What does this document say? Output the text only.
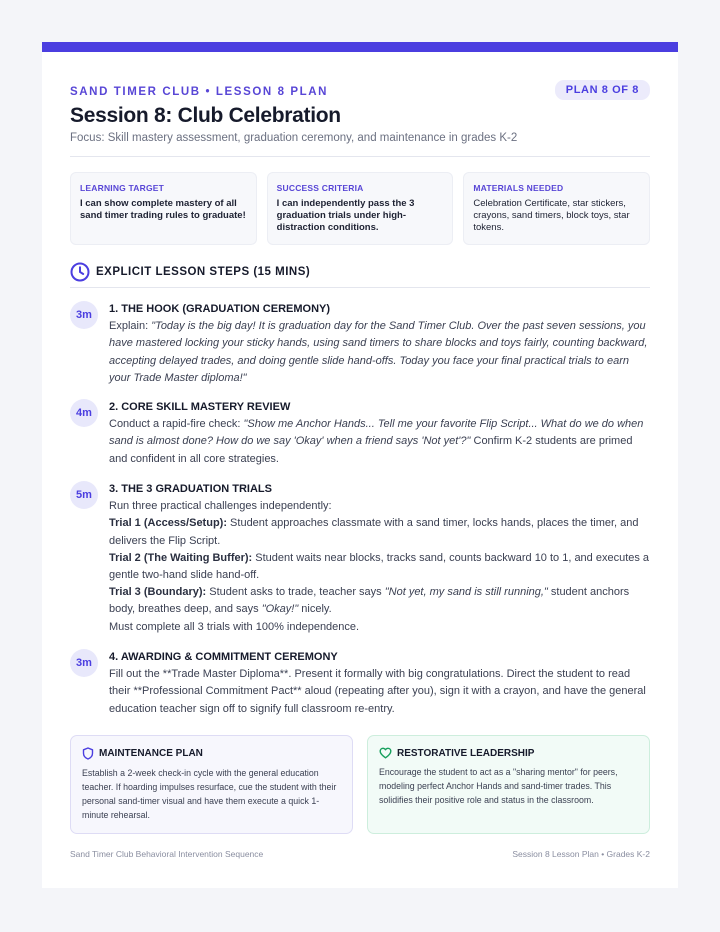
SAND TIMER CLUB • LESSON 8 PLAN	PLAN 8 OF 8
Session 8: Club Celebration
Focus: Skill mastery assessment, graduation ceremony, and maintenance in grades K-2
LEARNING TARGET
I can show complete mastery of all sand timer trading rules to graduate!
SUCCESS CRITERIA
I can independently pass the 3 graduation trials under high-distraction conditions.
MATERIALS NEEDED
Celebration Certificate, star stickers, crayons, sand timers, block toys, star tokens.
EXPLICIT LESSON STEPS (15 MINS)
3m	1. THE HOOK (GRADUATION CEREMONY)
Explain: "Today is the big day! It is graduation day for the Sand Timer Club. Over the past seven sessions, you have mastered locking your sticky hands, using sand timers to share blocks and toys fairly, counting backward, accepting delayed trades, and doing gentle slide hand-offs. Today you face your final practical trials to earn your Trade Master diploma!"
4m	2. CORE SKILL MASTERY REVIEW
Conduct a rapid-fire check: "Show me Anchor Hands... Tell me your favorite Flip Script... What do we do when sand is almost done? How do we say 'Okay' when a friend says 'Not yet'?" Confirm K-2 students are primed and confident in all core strategies.
5m	3. THE 3 GRADUATION TRIALS
Run three practical challenges independently:
Trial 1 (Access/Setup): Student approaches classmate with a sand timer, locks hands, places the timer, and delivers the Flip Script.
Trial 2 (The Waiting Buffer): Student waits near blocks, tracks sand, counts backward 10 to 1, and executes a gentle two-hand slide hand-off.
Trial 3 (Boundary): Student asks to trade, teacher says "Not yet, my sand is still running," student anchors body, breathes deep, and says "Okay!" nicely.
Must complete all 3 trials with 100% independence.
3m	4. AWARDING & COMMITMENT CEREMONY
Fill out the **Trade Master Diploma**. Present it formally with big congratulations. Direct the student to read their **Professional Commitment Pact** aloud (repeating after you), sign it with a crayon, and have the general education teacher sign off to signify full classroom re-entry.
MAINTENANCE PLAN
Establish a 2-week check-in cycle with the general education teacher. If hoarding impulses resurface, cue the student with their personal sand-timer visual and have them execute a quick 1-minute rehearsal.
RESTORATIVE LEADERSHIP
Encourage the student to act as a "sharing mentor" for peers, modeling perfect Anchor Hands and sand-timer trades. This solidifies their positive role and status in the classroom.
Sand Timer Club Behavioral Intervention Sequence	Session 8 Lesson Plan • Grades K-2
